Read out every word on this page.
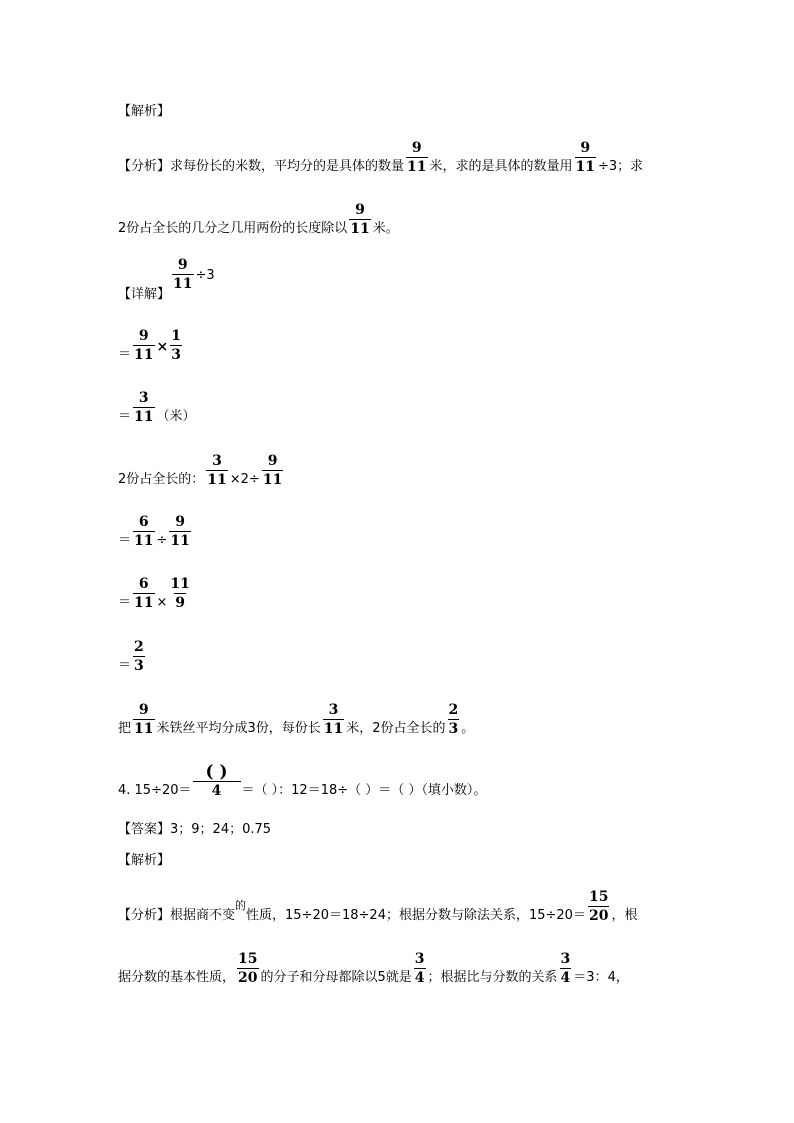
【解析】
【分析】求每份长的米数，平均分的是具体的数量 $\frac{9}{11}$ 米，求的是具体的数量用 $\frac{9}{11} \div 3$；求
2份占全长的几分之几用两份的长度除以 $\frac{9}{11}$ 米。
【详解】
$\frac{9}{11} \div 3$
＝ $\frac{9}{11} \times \frac{1}{3}$
＝ $\frac{3}{11}$ （米）
2份占全长的： $\frac{3}{11} \times 2\div \frac{9}{11}$
＝ $\frac{6}{11} \div \frac{9}{11}$
＝ $\frac{6}{11} \times \frac{11}{9}$
＝ $\frac{2}{3}$
把 $\frac{9}{11}$ 米铁丝平均分成3份，每份长 $\frac{3}{11}$ 米，2份占全长的 $\frac{2}{3}$ 。
4. $15\div 20= \frac{( )}{4}$ ＝（ ）：12＝18÷（ ）＝（ ）（填小数）。
【答案】3；9；24；0.75
【解析】
【分析】根据商不变
的
性质，15÷20＝18÷24；根据分数与除法关系，$15\div 20= \frac{15}{20}$ ，根
据分数的基本性质， $\frac{15}{20}$ 的分子和分母都除以5就是 $\frac{3}{4}$ ；根据比与分数的关系 $\frac{3}{4} =3$：4，
